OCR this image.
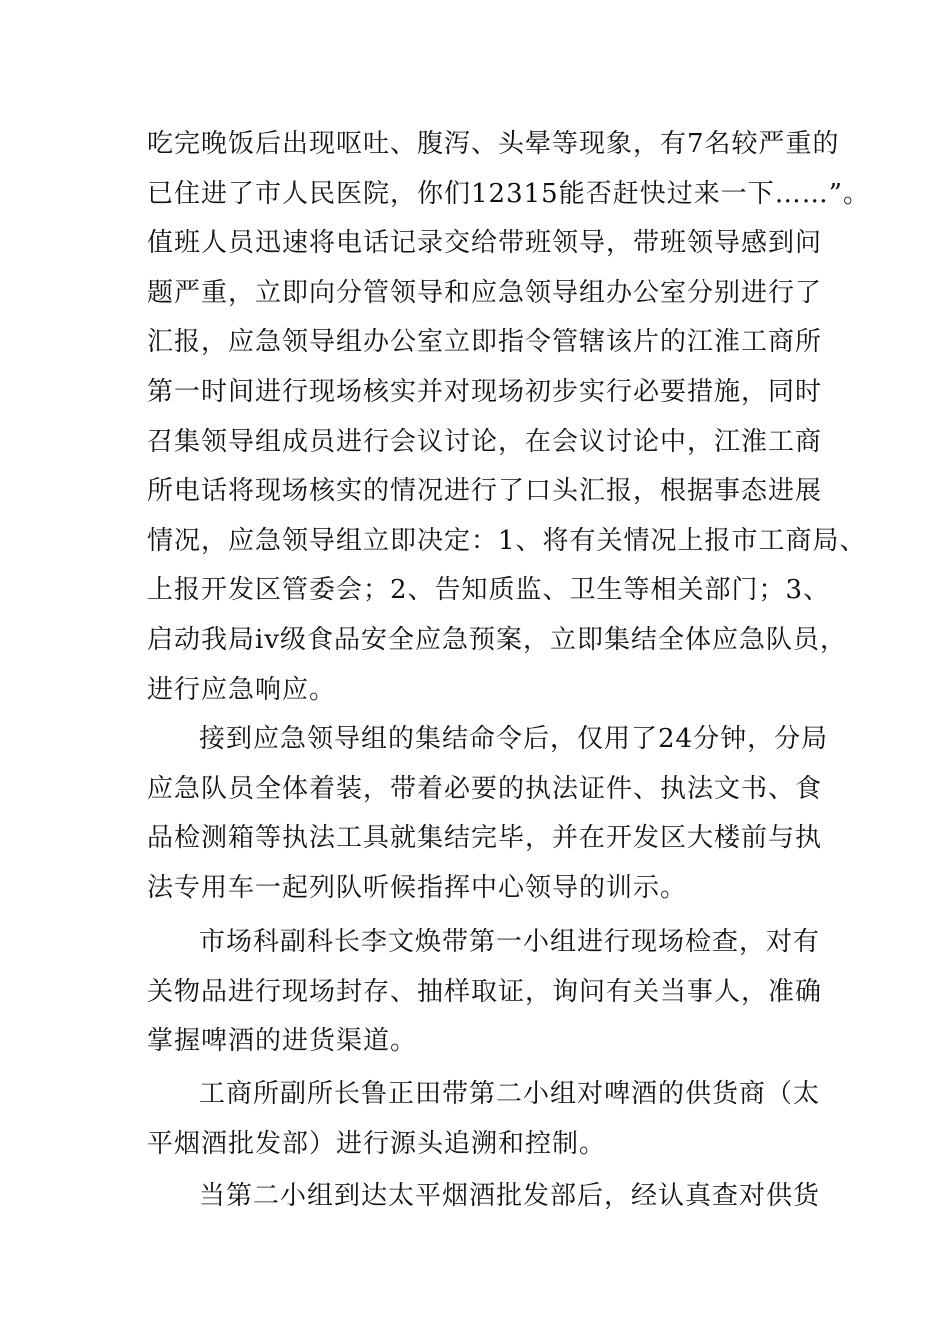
吃完晚饭后出现呕吐、腹泻、头晕等现象，有7名较严重的
已住进了市人民医院，你们12315能否赶快过来一下……”。
值班人员迅速将电话记录交给带班领导，带班领导感到问
题严重，立即向分管领导和应急领导组办公室分别进行了
汇报，应急领导组办公室立即指令管辖该片的江淮工商所
第一时间进行现场核实并对现场初步实行必要措施，同时
召集领导组成员进行会议讨论，在会议讨论中，江淮工商
所电话将现场核实的情况进行了口头汇报，根据事态进展
情况，应急领导组立即决定：1、将有关情况上报市工商局、
上报开发区管委会；2、告知质监、卫生等相关部门；3、
启动我局iv级食品安全应急预案，立即集结全体应急队员，
进行应急响应。
接到应急领导组的集结命令后，仅用了24分钟，分局
应急队员全体着装，带着必要的执法证件、执法文书、食
品检测箱等执法工具就集结完毕，并在开发区大楼前与执
法专用车一起列队听候指挥中心领导的训示。
市场科副科长李文焕带第一小组进行现场检查，对有
关物品进行现场封存、抽样取证，询问有关当事人，准确
掌握啤酒的进货渠道。
工商所副所长鲁正田带第二小组对啤酒的供货商（太
平烟酒批发部）进行源头追溯和控制。
当第二小组到达太平烟酒批发部后，经认真查对供货
